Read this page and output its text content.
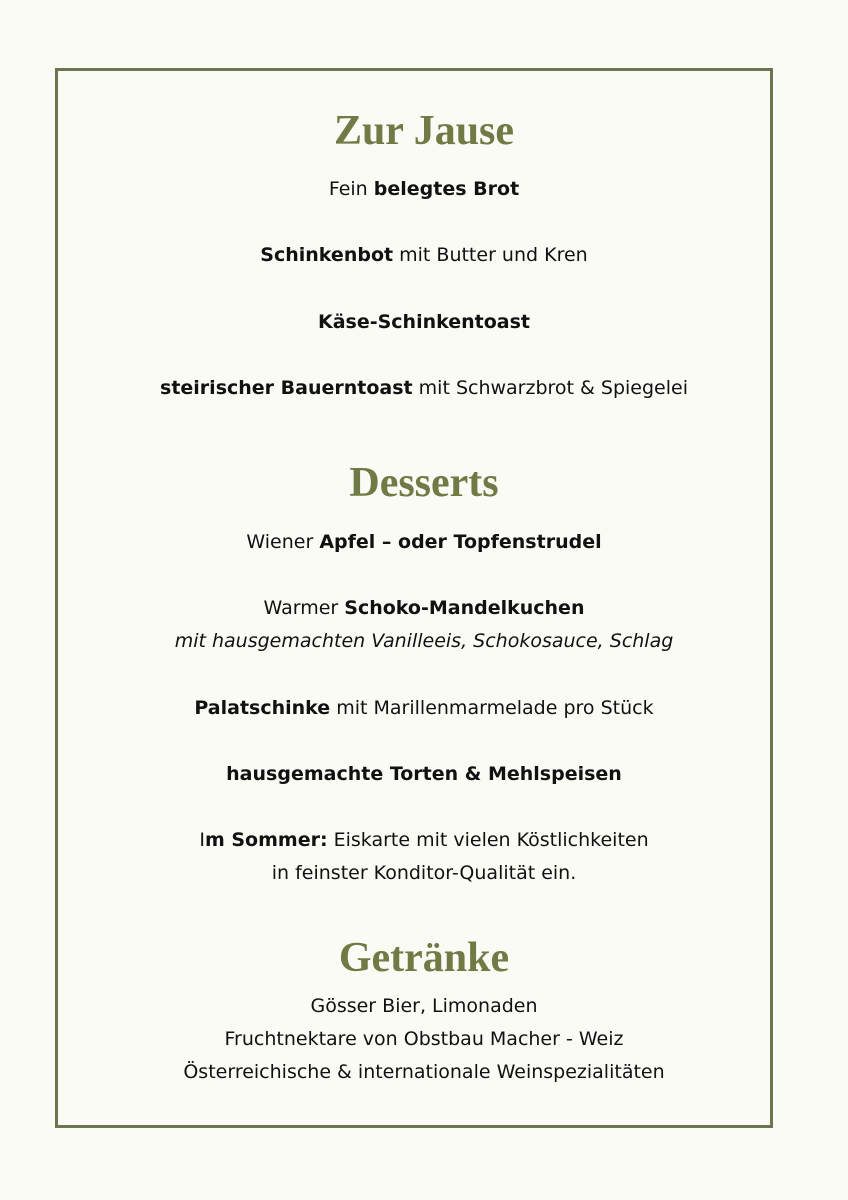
Zur Jause
Fein belegtes Brot
Schinkenbot mit Butter und Kren
Käse-Schinkentoast
steirischer Bauerntoast mit Schwarzbrot & Spiegelei
Desserts
Wiener Apfel – oder Topfenstrudel
Warmer Schoko-Mandelkuchen
mit hausgemachten Vanilleeis, Schokosauce, Schlag
Palatschinke mit Marillenmarmelade pro Stück
hausgemachte Torten & Mehlspeisen
Im Sommer: Eiskarte mit vielen Köstlichkeiten
in feinster Konditor-Qualität ein.
Getränke
Gösser Bier, Limonaden
Fruchtnektare von Obstbau Macher - Weiz
Österreichische & internationale Weinspezialitäten
